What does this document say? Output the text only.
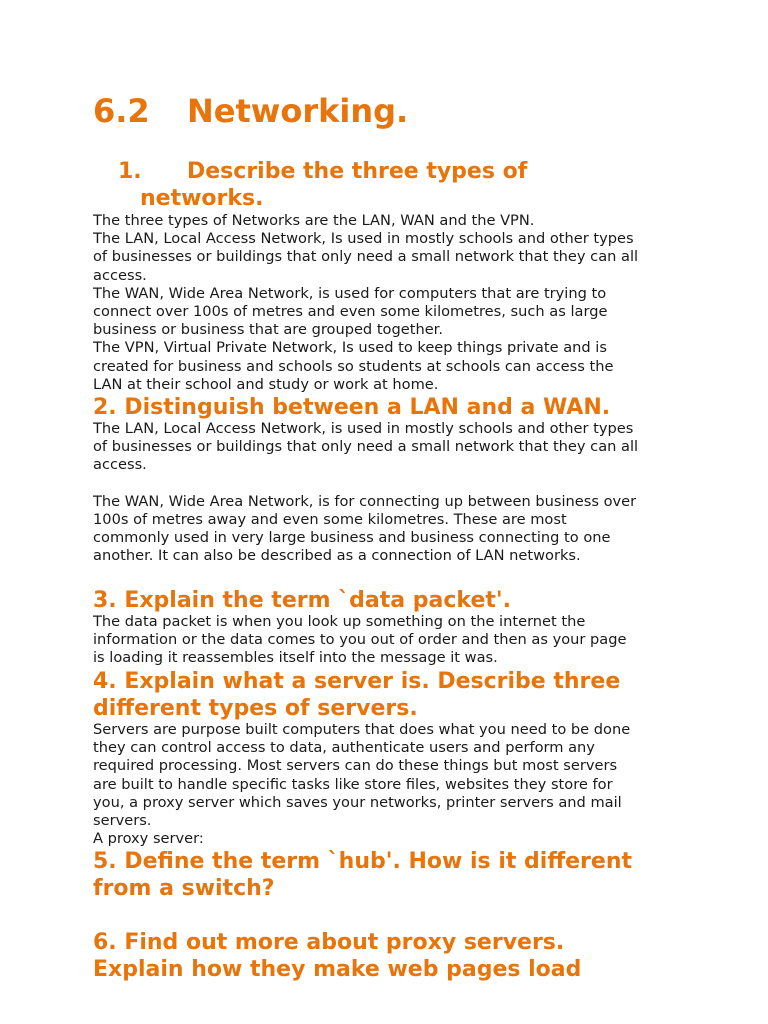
6.2 Networking.
1. Describe the three types of
networks.

The three types of Networks are the LAN, WAN and the VPN.

The LAN, Local Access Network, Is used in mostly schools and other types

of businesses or buildings that only need a small network that they can all

access.

The WAN, Wide Area Network, is used for computers that are trying to

connect over 100s of metres and even some kilometres, such as large

business or business that are grouped together.

The VPN, Virtual Private Network, Is used to keep things private and is

created for business and schools so students at schools can access the

LAN at their school and study or work at home.

2. Distinguish between a LAN and a WAN.

The LAN, Local Access Network, is used in mostly schools and other types

of businesses or buildings that only need a small network that they can all

access.

The WAN, Wide Area Network, is for connecting up between business over

100s of metres away and even some kilometres. These are most

commonly used in very large business and business connecting to one

another. It can also be described as a connection of LAN networks.

3. Explain the term `data packet'.

The data packet is when you look up something on the internet the

information or the data comes to you out of order and then as your page

is loading it reassembles itself into the message it was.

4. Explain what a server is. Describe three
different types of servers.

Servers are purpose built computers that does what you need to be done

they can control access to data, authenticate users and perform any

required processing. Most servers can do these things but most servers

are built to handle specific tasks like store files, websites they store for

you, a proxy server which saves your networks, printer servers and mail

servers.

A proxy server:

5. Define the term `hub'. How is it different
from a switch?
6. Find out more about proxy servers.
Explain how they make web pages load
